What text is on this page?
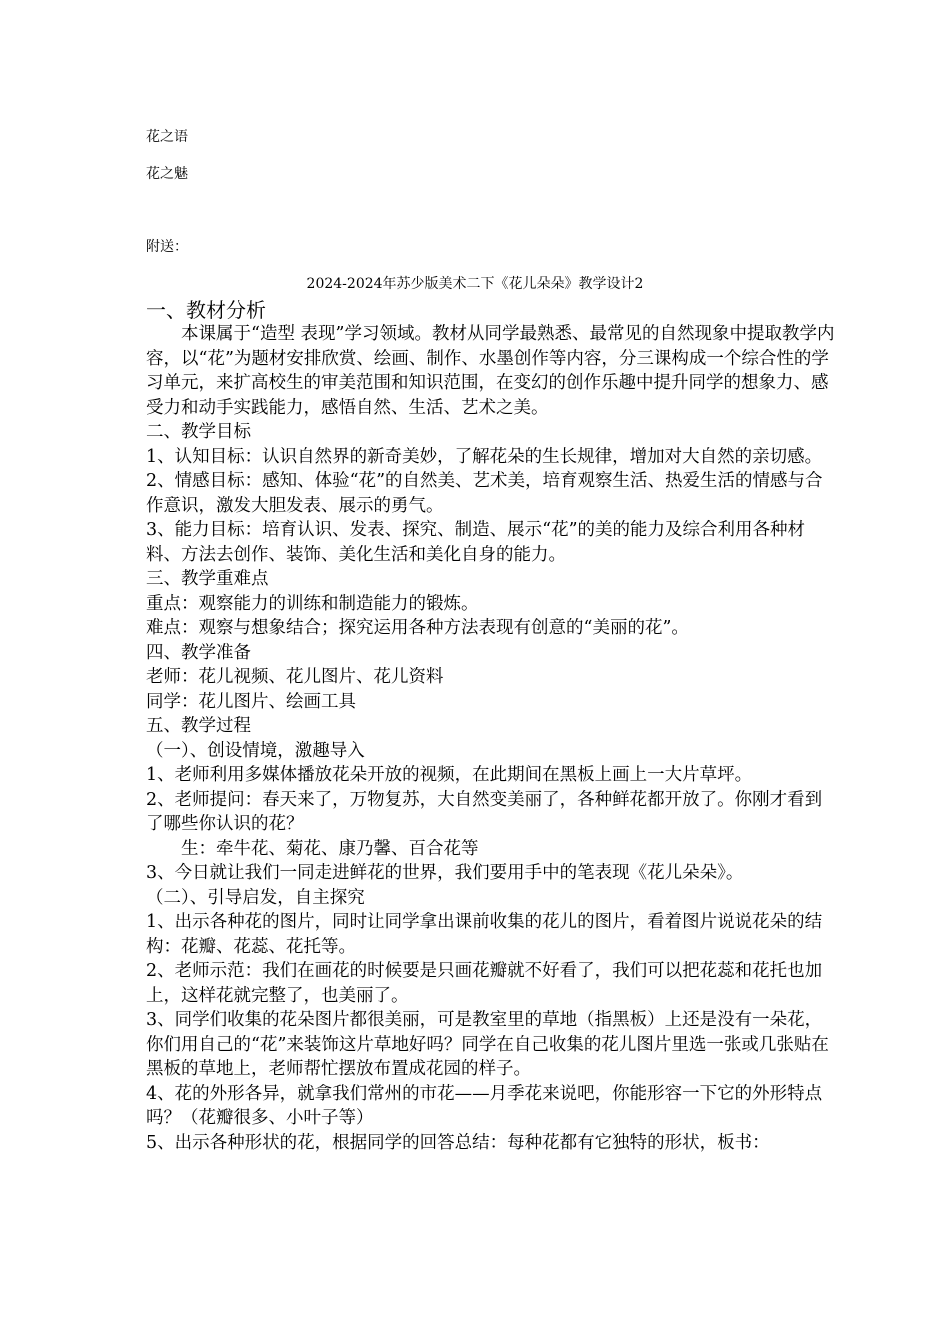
花之语
花之魅
附送：
2024-2024年苏少版美术二下《花儿朵朵》教学设计2
一、教材分析

本课属于“造型 表现”学习领域。教材从同学最熟悉、最常见的自然现象中提取教学内容，以“花”为题材安排欣赏、绘画、制作、水墨创作等内容，分三课构成一个综合性的学习单元，来扩高校生的审美范围和知识范围，在变幻的创作乐趣中提升同学的想象力、感受力和动手实践能力，感悟自然、生活、艺术之美。

二、教学目标

1、认知目标：认识自然界的新奇美妙，了解花朵的生长规律，增加对大自然的亲切感。

2、情感目标：感知、体验“花”的自然美、艺术美，培育观察生活、热爱生活的情感与合作意识，激发大胆发表、展示的勇气。

3、能力目标：培育认识、发表、探究、制造、展示“花”的美的能力及综合利用各种材料、方法去创作、装饰、美化生活和美化自身的能力。

三、教学重难点

重点：观察能力的训练和制造能力的锻炼。

难点：观察与想象结合；探究运用各种方法表现有创意的“美丽的花”。

四、教学准备

老师：花儿视频、花儿图片、花儿资料

同学：花儿图片、绘画工具

五、教学过程

（一）、创设情境，激趣导入

1、老师利用多媒体播放花朵开放的视频，在此期间在黑板上画上一大片草坪。

2、老师提问：春天来了，万物复苏，大自然变美丽了，各种鲜花都开放了。你刚才看到了哪些你认识的花？

生：牵牛花、菊花、康乃馨、百合花等

3、今日就让我们一同走进鲜花的世界，我们要用手中的笔表现《花儿朵朵》。

（二）、引导启发，自主探究

1、出示各种花的图片，同时让同学拿出课前收集的花儿的图片，看着图片说说花朵的结构：花瓣、花蕊、花托等。

2、老师示范：我们在画花的时候要是只画花瓣就不好看了，我们可以把花蕊和花托也加上，这样花就完整了，也美丽了。

3、同学们收集的花朵图片都很美丽，可是教室里的草地（指黑板）上还是没有一朵花，你们用自己的“花”来装饰这片草地好吗？同学在自己收集的花儿图片里选一张或几张贴在黑板的草地上，老师帮忙摆放布置成花园的样子。

4、花的外形各异，就拿我们常州的市花——月季花来说吧，你能形容一下它的外形特点吗？（花瓣很多、小叶子等）

5、出示各种形状的花，根据同学的回答总结：每种花都有它独特的形状，板书：
